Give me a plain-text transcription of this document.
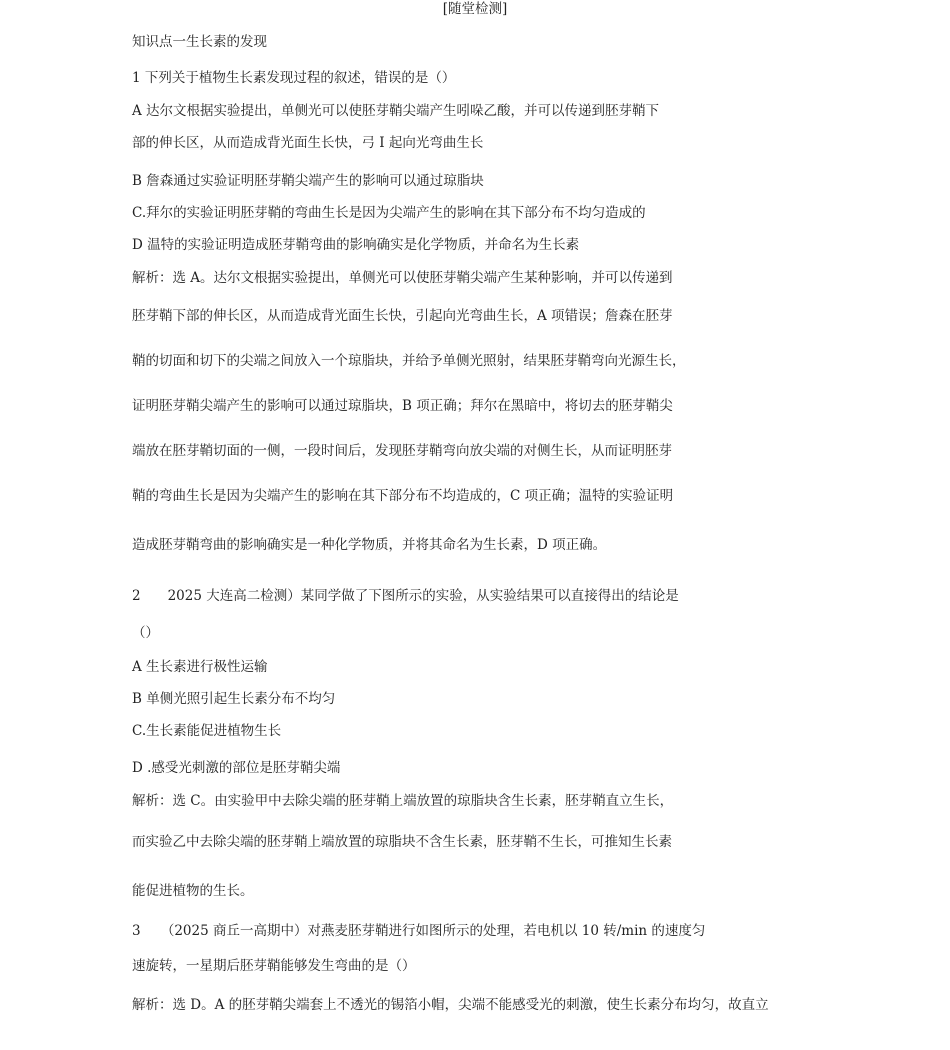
[随堂检测]
知识点一生长素的发现
1 下列关于植物生长素发现过程的叙述，错误的是（）
A 达尔文根据实验提出，单侧光可以使胚芽鞘尖端产生吲哚乙酸，并可以传递到胚芽鞘下
部的伸长区，从而造成背光面生长快，弓 I 起向光弯曲生长
B 詹森通过实验证明胚芽鞘尖端产生的影响可以通过琼脂块
C.拜尔的实验证明胚芽鞘的弯曲生长是因为尖端产生的影响在其下部分布不均匀造成的
D 温特的实验证明造成胚芽鞘弯曲的影响确实是化学物质，并命名为生长素
解析：选 A。达尔文根据实验提出，单侧光可以使胚芽鞘尖端产生某种影响，并可以传递到
胚芽鞘下部的伸长区，从而造成背光面生长快，引起向光弯曲生长，A 项错误；詹森在胚芽
鞘的切面和切下的尖端之间放入一个琼脂块，并给予单侧光照射，结果胚芽鞘弯向光源生长，
证明胚芽鞘尖端产生的影响可以通过琼脂块，B 项正确；拜尔在黑暗中，将切去的胚芽鞘尖
端放在胚芽鞘切面的一侧，一段时间后，发现胚芽鞘弯向放尖端的对侧生长，从而证明胚芽
鞘的弯曲生长是因为尖端产生的影响在其下部分布不均造成的，C 项正确；温特的实验证明
造成胚芽鞘弯曲的影响确实是一种化学物质，并将其命名为生长素，D 项正确。
2　　2025 大连高二检测）某同学做了下图所示的实验，从实验结果可以直接得出的结论是
（）
A 生长素进行极性运输
B 单侧光照引起生长素分布不均匀
C.生长素能促进植物生长
D .感受光刺激的部位是胚芽鞘尖端
解析：选 C。由实验甲中去除尖端的胚芽鞘上端放置的琼脂块含生长素，胚芽鞘直立生长，
而实验乙中去除尖端的胚芽鞘上端放置的琼脂块不含生长素，胚芽鞘不生长，可推知生长素
能促进植物的生长。
3　　（2025 商丘一高期中）对燕麦胚芽鞘进行如图所示的处理，若电机以 10 转/min 的速度匀
速旋转，一星期后胚芽鞘能够发生弯曲的是（）
解析：选 D。A 的胚芽鞘尖端套上不透光的锡箔小帽，尖端不能感受光的刺激，使生长素分布均匀，故直立
